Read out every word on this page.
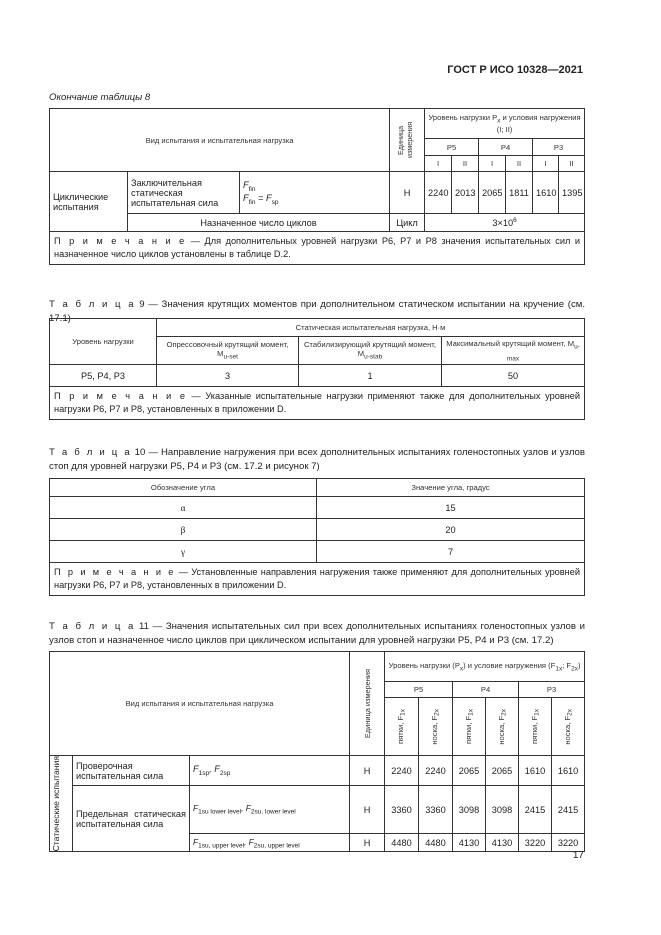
ГОСТ Р ИСО 10328—2021
Окончание таблицы 8
Вид испытания и испытательная нагрузка			Единица измерения	Уровень нагрузки $P_х$ и условия нагружения (I; II)					
				P5		P4		P3	
				I	II	I	II	I	II
Циклические испытания	Заключительная статическая испытательная сила	$F_{fin}$
$F_{fin} = F_{sp}$	Н	2240	2013	2065	1811	1610	1395
	Назначенное число циклов		Цикл	$3\times 10^6$
П р и м е ч а н и е — Для дополнительных уровней нагрузки P6, P7 и P8 значения испытательных сил и назначенное число циклов установлены в таблице D.2.									
Т а б л и ц а 9 — Значения крутящих моментов при дополнительном статическом испытании на кручение (см. 17.1)
Уровень нагрузки	Статическая испытательная нагрузка, Н·м		
	Опрессовочный крутящий момент, $M_{u-set}$	Стабилизирующий крутящий момент, $M_{u-stab}$	Максимальный крутящий момент, $M_{u-max}$
P5, P4, P3	3	1	50
П р и м е ч а н и е — Указанные испытательные нагрузки применяют также для дополнительных уровней нагрузки P6, P7 и P8, установленных в приложении D.			
Т а б л и ц а 10 — Направление нагружения при всех дополнительных испытаниях голеностопных узлов и узлов стоп для уровней нагрузки P5, P4 и P3 (см. 17.2 и рисунок 7)
Обозначение угла	Значение угла, градус
α	15
β	20
γ	7
П р и м е ч а н и е — Установленные направления нагружения также применяют для дополнительных уровней нагрузки P6, P7 и P8, установленных в приложении D.	
Т а б л и ц а 11 — Значения испытательных сил при всех дополнительных испытаниях голеностопных узлов и узлов стоп и назначенное число циклов при циклическом испытании для уровней нагрузки P5, P4 и P3 (см. 17.2)
Вид испытания и испытательная нагрузка			Единица измерения	Уровень нагрузки $(P_х)$ и условие нагружения ($F_{1х}$; $F_{2х}$)					
				P5		P4		P3	

				пятки, $F_{1x}$	носка, $F_{2x}$	пятки, $F_{1x}$	носка, $F_{2x}$	пятки, $F_{1x}$	носка, $F_{2x}$

Статические испытания	Проверочная испытательная сила	$F_{1sp}$, $F_{2sp}$	Н	2240	2240	2065	2065	1610	1610
	Предельная статическая испытательная сила	$F_{1su lower level}$, $F_{2su, lower level}$	Н	3360	3360	3098	3098	2415	2415
		$F_{1su, upper level}$, $F_{2su, upper level}$	Н	4480	4480	4130	4130	3220	3220
17
